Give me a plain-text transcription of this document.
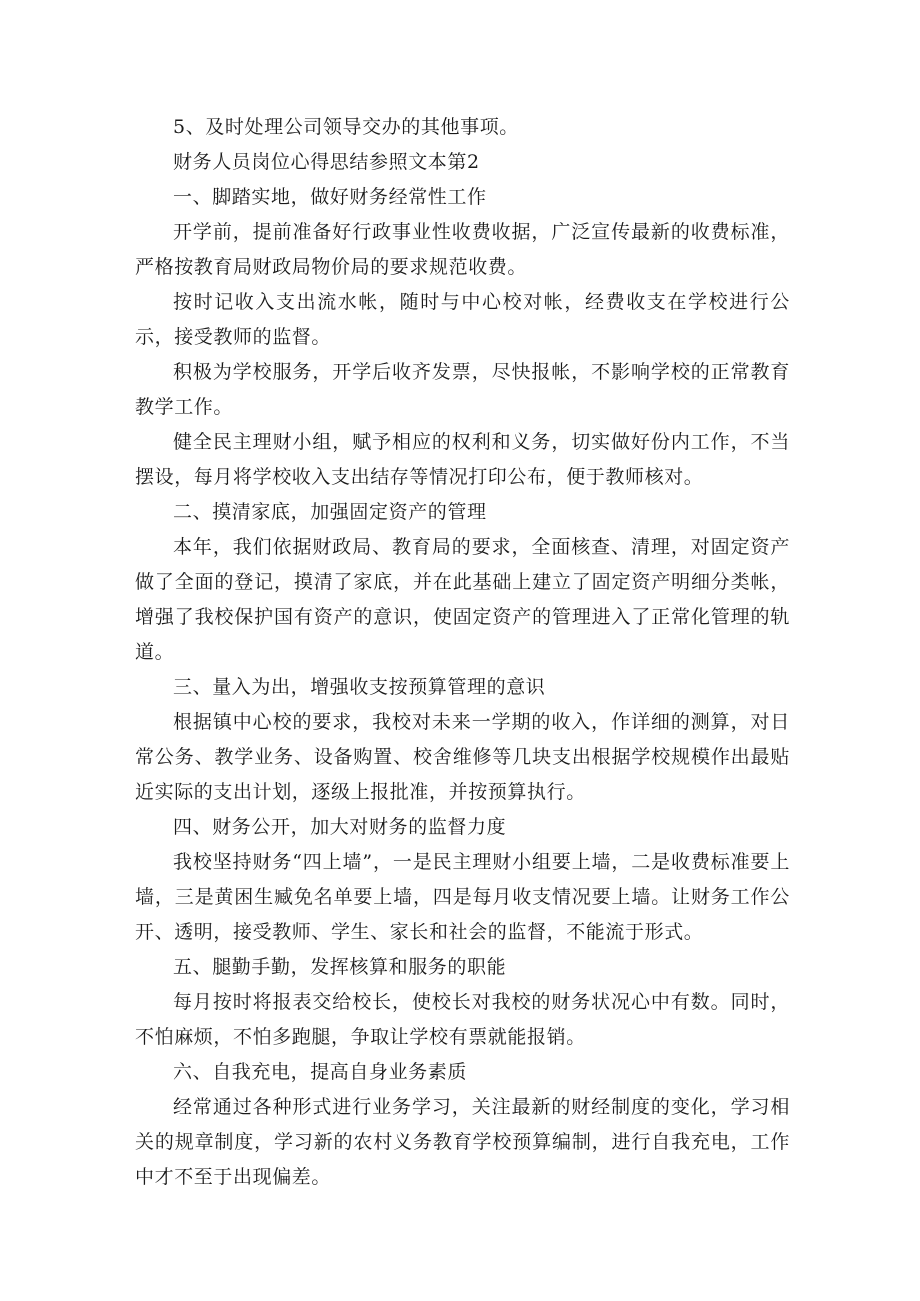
5、及时处理公司领导交办的其他事项。

财务人员岗位心得思结参照文本第2

一、脚踏实地，做好财务经常性工作

开学前，提前准备好行政事业性收费收据，广泛宣传最新的收费标准，严格按教育局财政局物价局的要求规范收费。

按时记收入支出流水帐，随时与中心校对帐，经费收支在学校进行公示，接受教师的监督。

积极为学校服务，开学后收齐发票，尽快报帐，不影响学校的正常教育教学工作。

健全民主理财小组，赋予相应的权利和义务，切实做好份内工作，不当摆设，每月将学校收入支出结存等情况打印公布，便于教师核对。

二、摸清家底，加强固定资产的管理

本年，我们依据财政局、教育局的要求，全面核查、清理，对固定资产做了全面的登记，摸清了家底，并在此基础上建立了固定资产明细分类帐，增强了我校保护国有资产的意识，使固定资产的管理进入了正常化管理的轨道。

三、量入为出，增强收支按预算管理的意识

根据镇中心校的要求，我校对未来一学期的收入，作详细的测算，对日常公务、教学业务、设备购置、校舍维修等几块支出根据学校规模作出最贴近实际的支出计划，逐级上报批准，并按预算执行。

四、财务公开，加大对财务的监督力度

我校坚持财务“四上墙”，一是民主理财小组要上墙，二是收费标准要上墙，三是黄困生臧免名单要上墙，四是每月收支情况要上墙。让财务工作公开、透明，接受教师、学生、家长和社会的监督，不能流于形式。

五、腿勤手勤，发挥核算和服务的职能

每月按时将报表交给校长，使校长对我校的财务状况心中有数。同时，不怕麻烦，不怕多跑腿，争取让学校有票就能报销。

六、自我充电，提高自身业务素质

经常通过各种形式进行业务学习，关注最新的财经制度的变化，学习相关的规章制度，学习新的农村义务教育学校预算编制，进行自我充电，工作中才不至于出现偏差。
